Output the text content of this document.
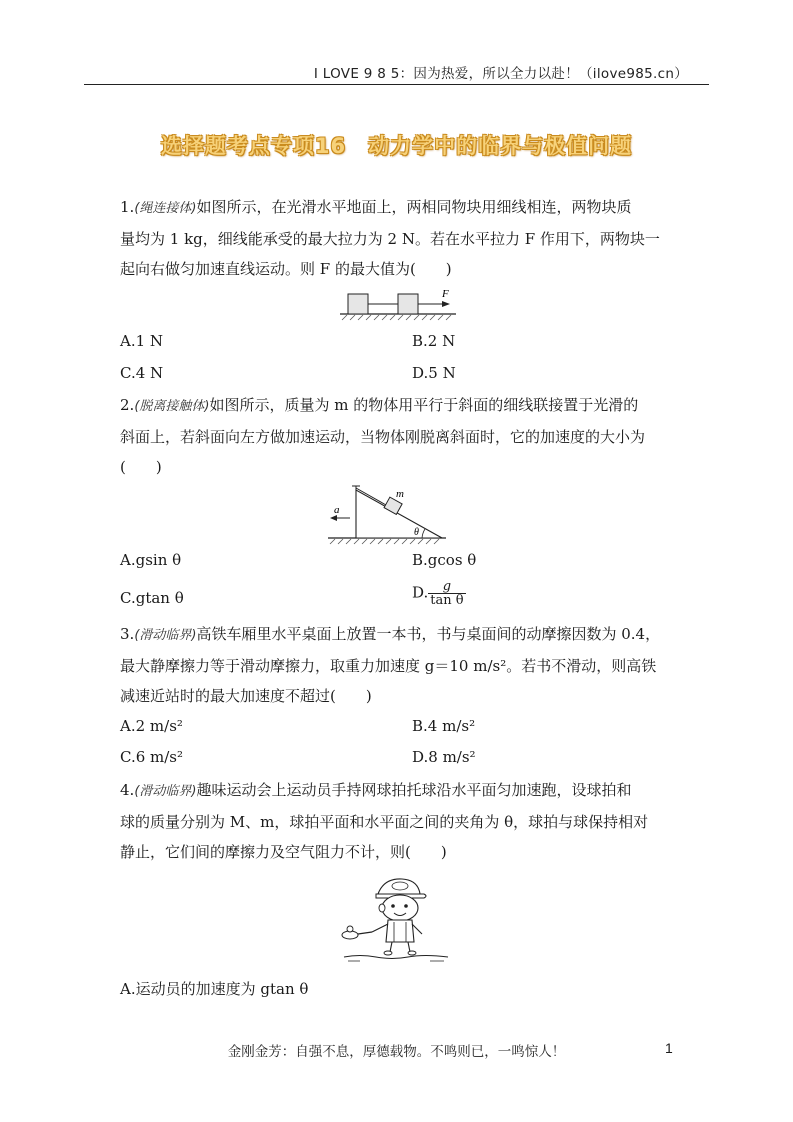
I LOVE 9 8 5：因为热爱，所以全力以赴！（ilove985.cn）
选择题考点专项16　动力学中的临界与极值问题
1.(绳连接体)如图所示，在光滑水平地面上，两相同物块用细线相连，两物块质
量均为 1 kg，细线能承受的最大拉力为 2 N。若在水平拉力 F 作用下，两物块一
起向右做匀加速直线运动。则 F 的最大值为(　　)
F
A.1 N	B.2 N
C.4 N	D.5 N
2.(脱离接触体)如图所示，质量为 m 的物体用平行于斜面的细线联接置于光滑的
斜面上，若斜面向左方做加速运动，当物体刚脱离斜面时，它的加速度的大小为
(　　)
m
a
θ
A.gsin θ	B.gcos θ
C.gtan θ	D. $\frac{g}{\text{tan θ}}$
3.(滑动临界)高铁车厢里水平桌面上放置一本书，书与桌面间的动摩擦因数为 0.4，
最大静摩擦力等于滑动摩擦力，取重力加速度 g＝10 m/s²。若书不滑动，则高铁
减速近站时的最大加速度不超过(　　)
A.2 m/s²	B.4 m/s²
C.6 m/s²	D.8 m/s²
4.(滑动临界)趣味运动会上运动员手持网球拍托球沿水平面匀加速跑，设球拍和
球的质量分别为 M、m，球拍平面和水平面之间的夹角为 θ，球拍与球保持相对
静止，它们间的摩擦力及空气阻力不计，则(　　)
A.运动员的加速度为 gtan θ
金刚金芳：自强不息，厚德载物。不鸣则已，一鸣惊人！	1
